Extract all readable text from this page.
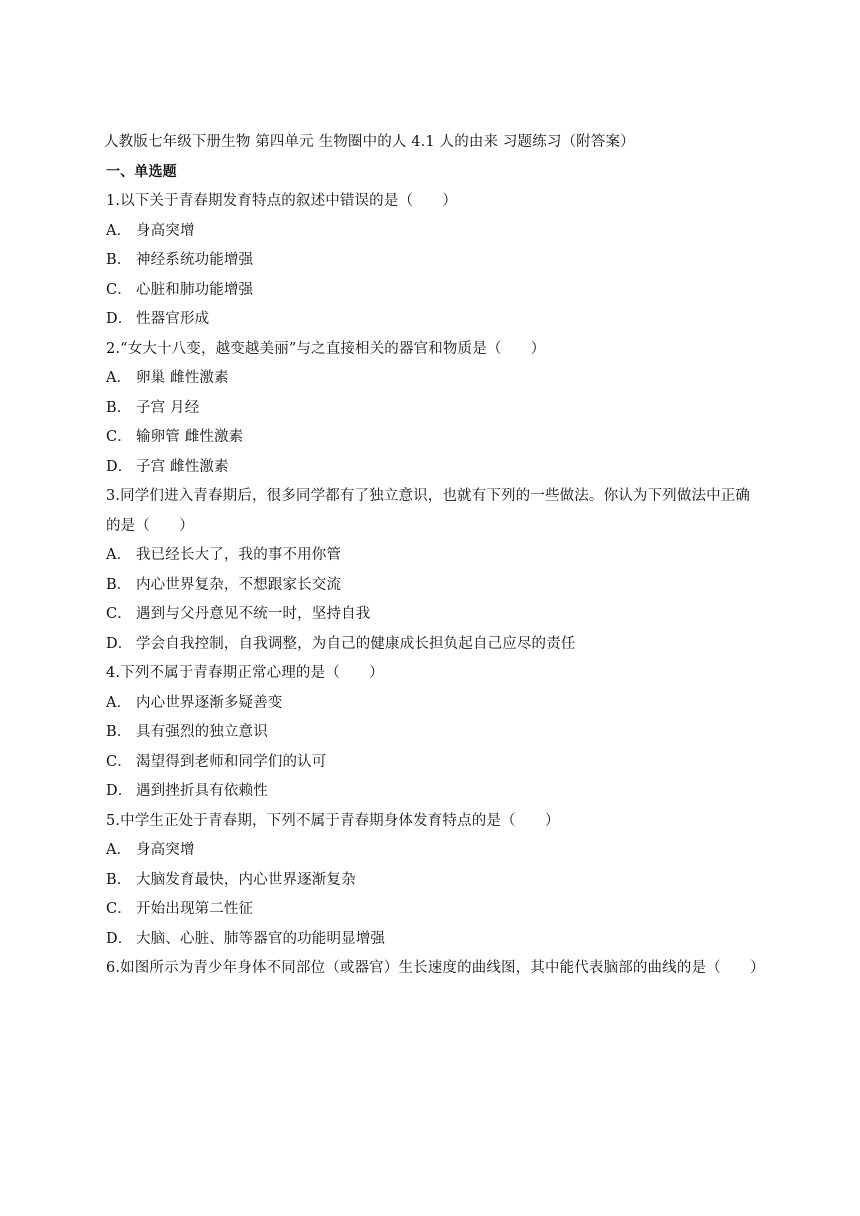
人教版七年级下册生物 第四单元 生物圈中的人 4.1 人的由来 习题练习（附答案）
一、单选题
1.以下关于青春期发育特点的叙述中错误的是（　　）
A． 身高突增
B． 神经系统功能增强
C． 心脏和肺功能增强
D． 性器官形成
2.“女大十八变，越变越美丽”与之直接相关的器官和物质是（　　）
A． 卵巢 雌性激素
B． 子宫 月经
C． 输卵管 雌性激素
D． 子宫 雌性激素
3.同学们进入青春期后，很多同学都有了独立意识，也就有下列的一些做法。你认为下列做法中正确的是（　　）
A． 我已经长大了，我的事不用你管
B． 内心世界复杂，不想跟家长交流
C． 遇到与父丹意见不统一时，坚持自我
D． 学会自我控制，自我调整，为自己的健康成长担负起自己应尽的责任
4.下列不属于青春期正常心理的是（　　）
A． 内心世界逐渐多疑善变
B． 具有强烈的独立意识
C． 渴望得到老师和同学们的认可
D． 遇到挫折具有依赖性
5.中学生正处于青春期，下列不属于青春期身体发育特点的是（　　）
A． 身高突增
B． 大脑发育最快，内心世界逐渐复杂
C． 开始出现第二性征
D． 大脑、心脏、肺等器官的功能明显增强
6.如图所示为青少年身体不同部位（或器官）生长速度的曲线图，其中能代表脑部的曲线的是（　　）
